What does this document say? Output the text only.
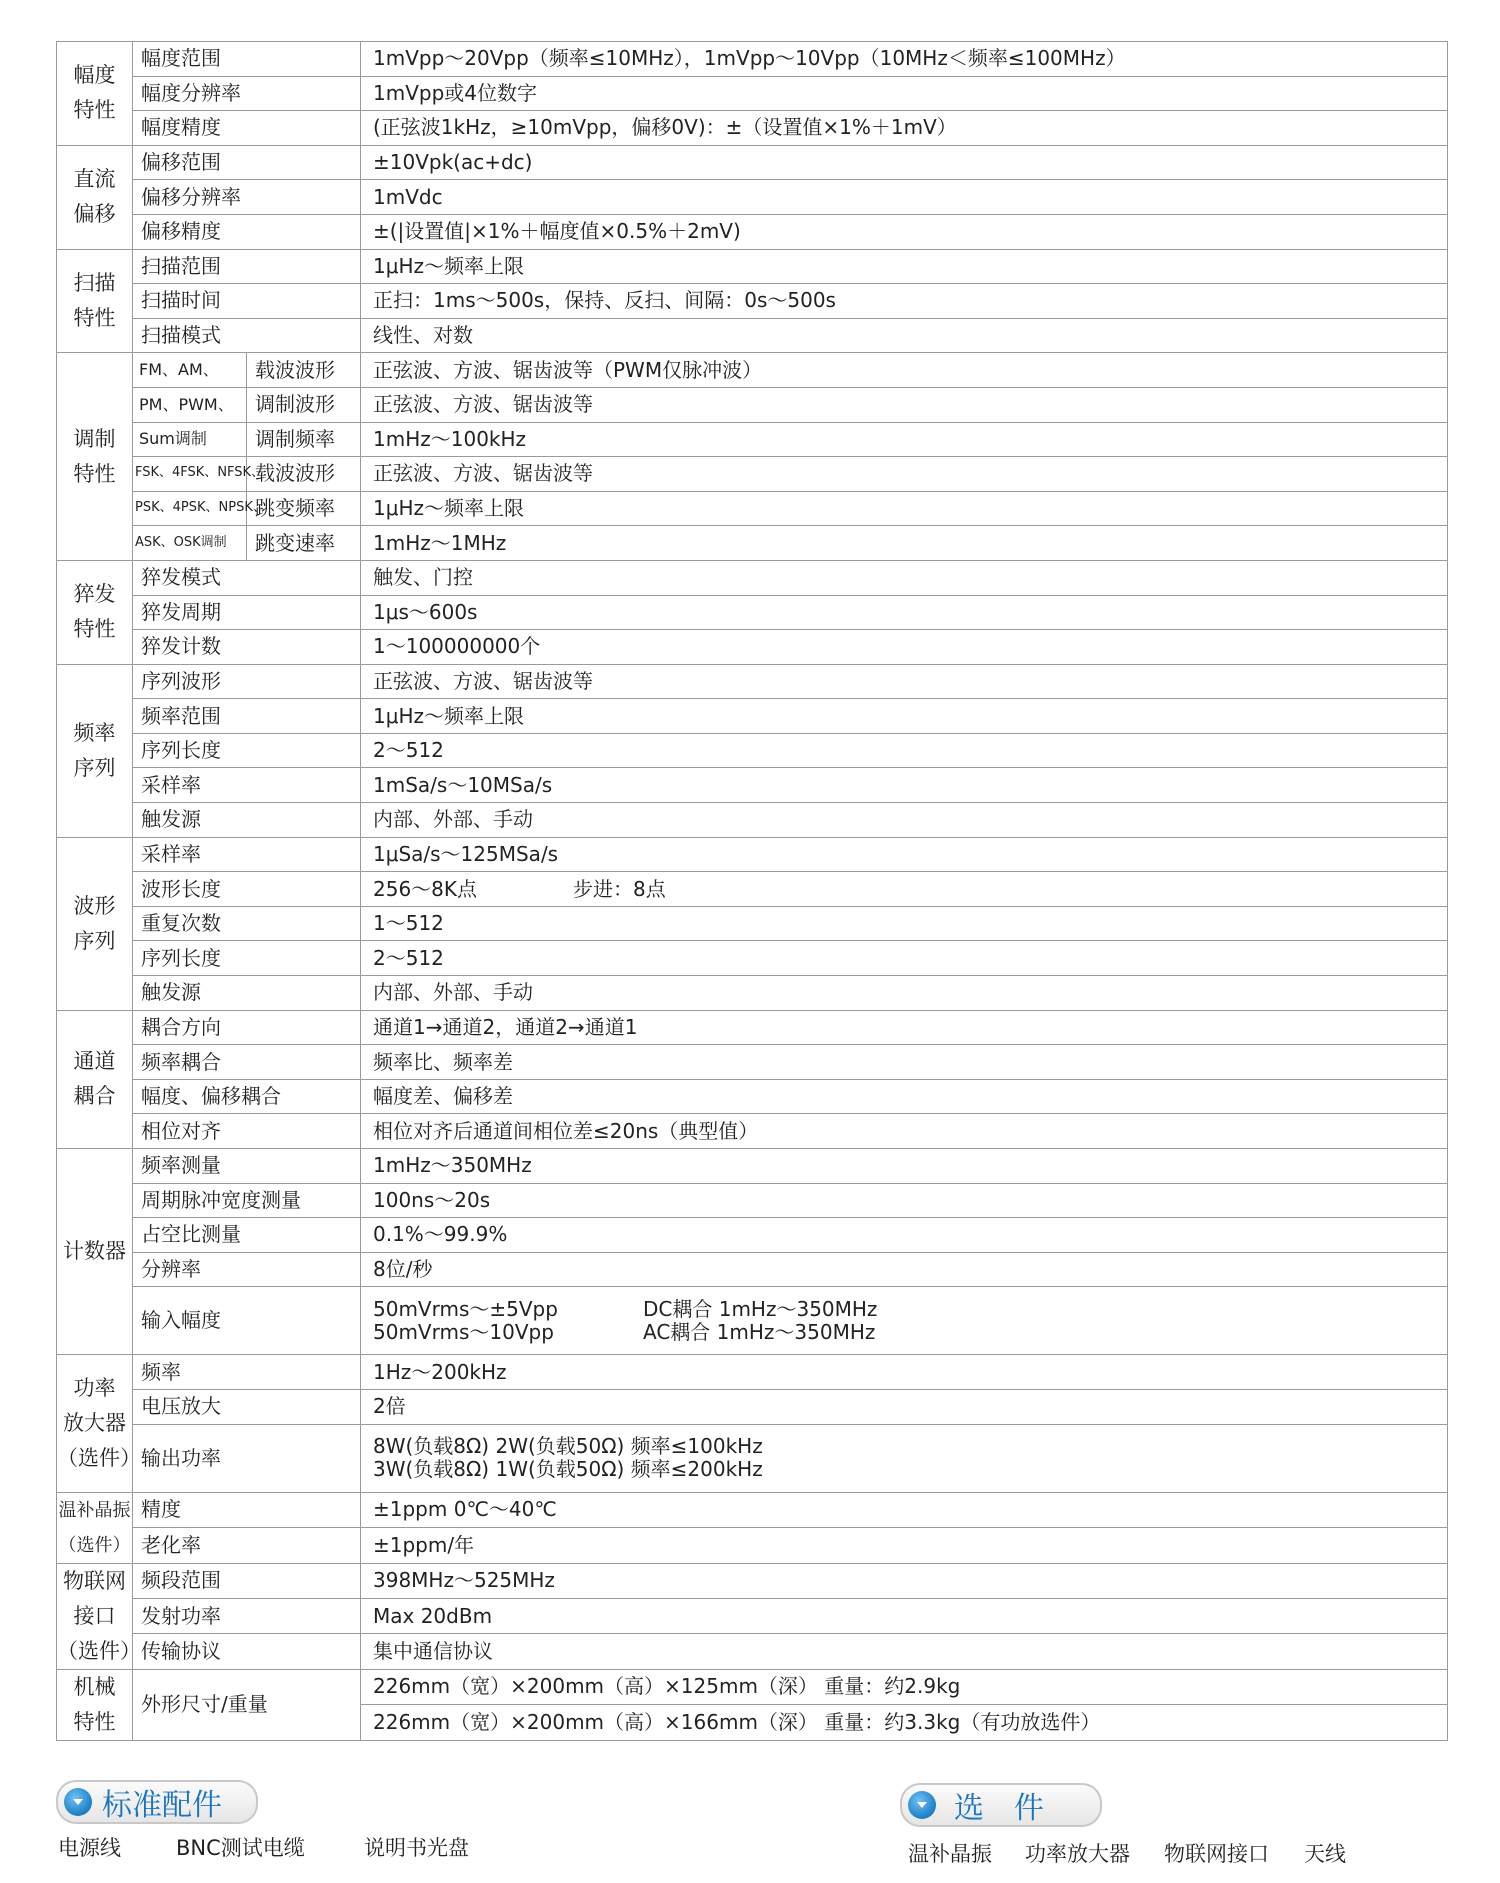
幅度
特性	幅度范围		1mVpp～20Vpp（频率≤10MHz），1mVpp～10Vpp（10MHz＜频率≤100MHz）
	幅度分辨率		1mVpp或4位数字
	幅度精度		(正弦波1kHz，≥10mVpp，偏移0V)：±（设置值×1%＋1mV）

直流
偏移	偏移范围		±10Vpk(ac+dc)
	偏移分辨率		1mVdc
	偏移精度		±(|设置值|×1%＋幅度值×0.5%＋2mV)

扫描
特性	扫描范围		1μHz～频率上限
	扫描时间		正扫：1ms～500s，保持、反扫、间隔：0s～500s
	扫描模式		线性、对数

调制
特性	FM、AM、	载波波形	正弦波、方波、锯齿波等（PWM仅脉冲波）
	PM、PWM、	调制波形	正弦波、方波、锯齿波等
	Sum调制	调制频率	1mHz～100kHz
	FSK、4FSK、NFSK、	载波波形	正弦波、方波、锯齿波等
	PSK、4PSK、NPSK、	跳变频率	1μHz～频率上限
	ASK、OSK调制	跳变速率	1mHz～1MHz

猝发
特性	猝发模式		触发、门控
	猝发周期		1μs～600s
	猝发计数		1～100000000个

频率
序列	序列波形		正弦波、方波、锯齿波等
	频率范围		1μHz～频率上限
	序列长度		2～512
	采样率		1mSa/s～10MSa/s
	触发源		内部、外部、手动

波形
序列	采样率		1μSa/s～125MSa/s
	波形长度		256～8K点 步进：8点
	重复次数		1～512
	序列长度		2～512
	触发源		内部、外部、手动

通道
耦合	耦合方向		通道1→通道2，通道2→通道1
	频率耦合		频率比、频率差
	幅度、偏移耦合		幅度差、偏移差
	相位对齐		相位对齐后通道间相位差≤20ns（典型值）

计数器	频率测量		1mHz～350MHz
	周期脉冲宽度测量		100ns～20s
	占空比测量		0.1%～99.9%
	分辨率		8位/秒
	输入幅度		50mVrms～±5Vpp DC耦合 1mHz～350MHz
50mVrms～10Vpp AC耦合 1mHz～350MHz

功率
放大器
（选件）	频率		1Hz～200kHz
	电压放大		2倍
	输出功率		8W(负载8Ω) 2W(负载50Ω) 频率≤100kHz
3W(负载8Ω) 1W(负载50Ω) 频率≤200kHz

温补晶振
（选件）	精度		±1ppm 0℃～40℃
	老化率		±1ppm/年

物联网
接口
（选件）	频段范围		398MHz～525MHz
	发射功率		Max 20dBm
	传输协议		集中通信协议

机械
特性	外形尺寸/重量		226mm（宽）×200mm（高）×125mm（深） 重量：约2.9kg
			226mm（宽）×200mm（高）×166mm（深） 重量：约3.3kg（有功放选件）
标准配件
电源线	BNC测试电缆	说明书光盘
选　件
温补晶振 功率放大器 物联网接口 天线
